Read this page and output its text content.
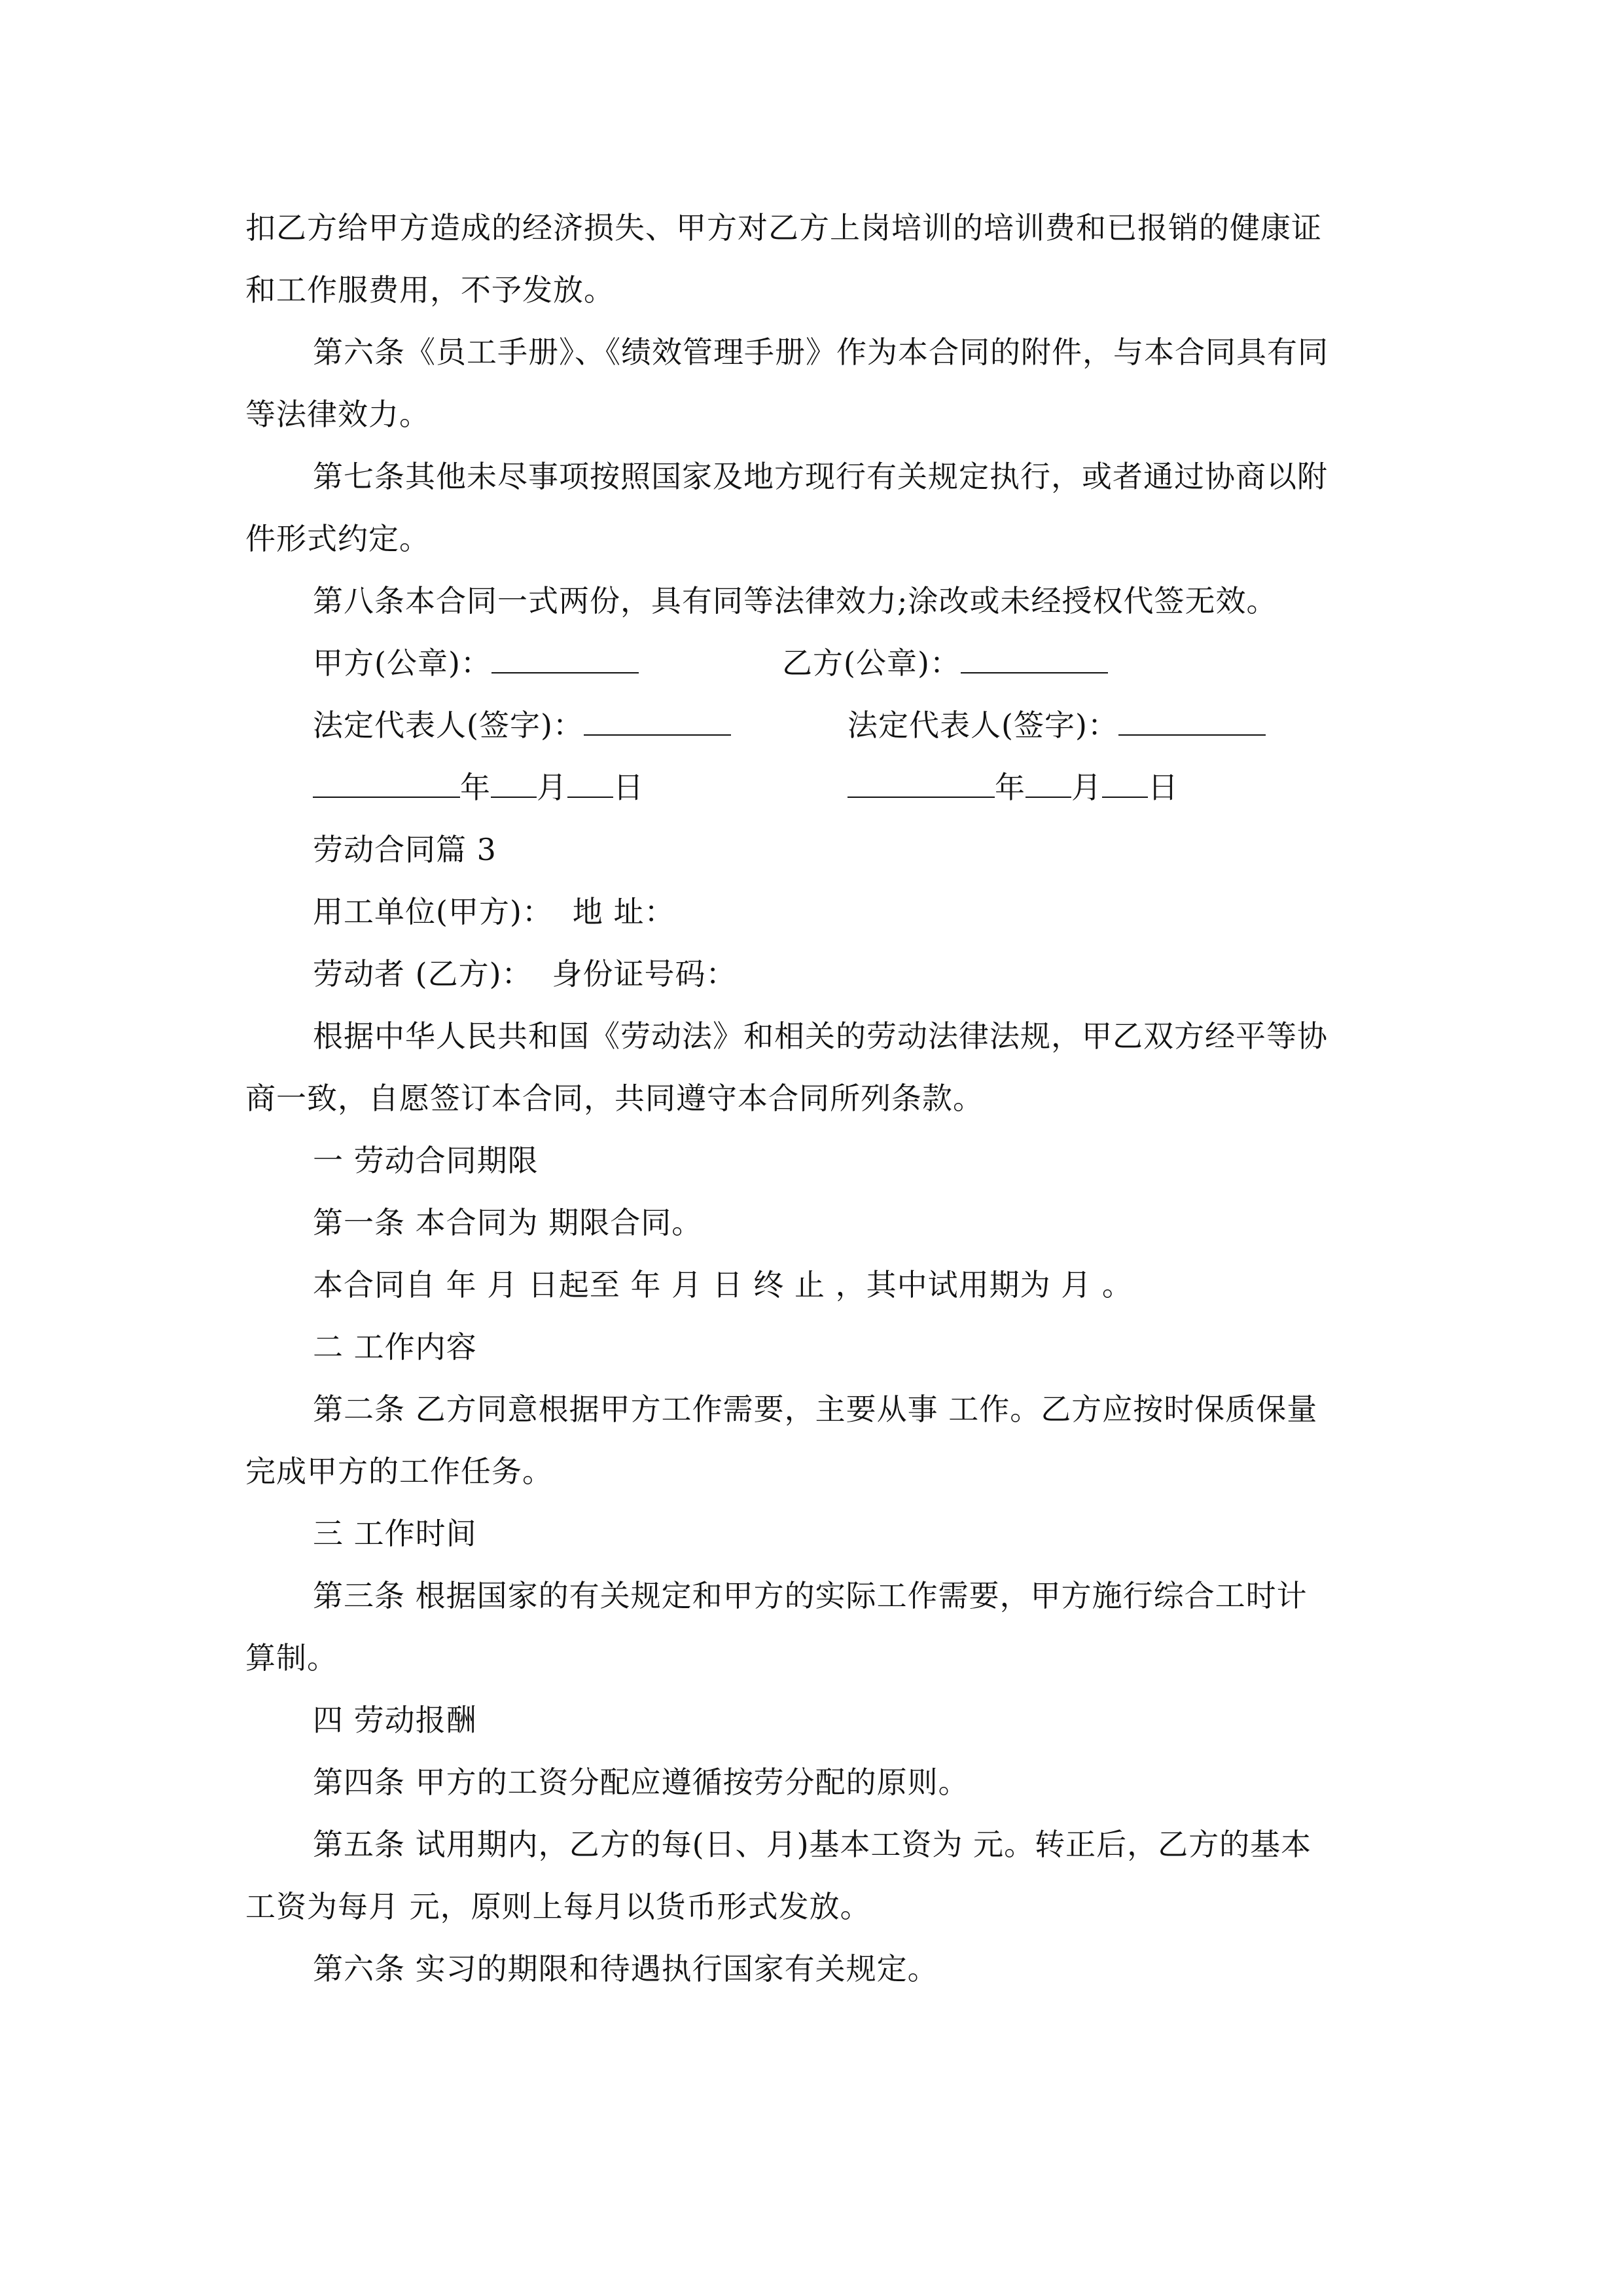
扣乙方给甲方造成的经济损失、甲方对乙方上岗培训的培训费和已报销的健康证
和工作服费用，不予发放。
第六条《员工手册》、《绩效管理手册》作为本合同的附件，与本合同具有同
等法律效力。
第七条其他未尽事项按照国家及地方现行有关规定执行，或者通过协商以附
件形式约定。
第八条本合同一式两份，具有同等法律效力;涂改或未经授权代签无效。
甲方(公章)：	乙方(公章)：
法定代表人(签字)：	法定代表人(签字)：
年 月 日	年 月 日
劳动合同篇 3
用工单位(甲方)： 地 址：
劳动者 (乙方)： 身份证号码：
根据中华人民共和国《劳动法》和相关的劳动法律法规，甲乙双方经平等协
商一致，自愿签订本合同，共同遵守本合同所列条款。
一 劳动合同期限
第一条 本合同为 期限合同。
本合同自 年 月 日起至 年 月 日 终 止 ，其中试用期为 月 。
二 工作内容
第二条 乙方同意根据甲方工作需要，主要从事 工作。乙方应按时保质保量
完成甲方的工作任务。
三 工作时间
第三条 根据国家的有关规定和甲方的实际工作需要，甲方施行综合工时计
算制。
四 劳动报酬
第四条 甲方的工资分配应遵循按劳分配的原则。
第五条 试用期内，乙方的每(日、月)基本工资为 元。转正后，乙方的基本
工资为每月 元，原则上每月以货币形式发放。
第六条 实习的期限和待遇执行国家有关规定。
